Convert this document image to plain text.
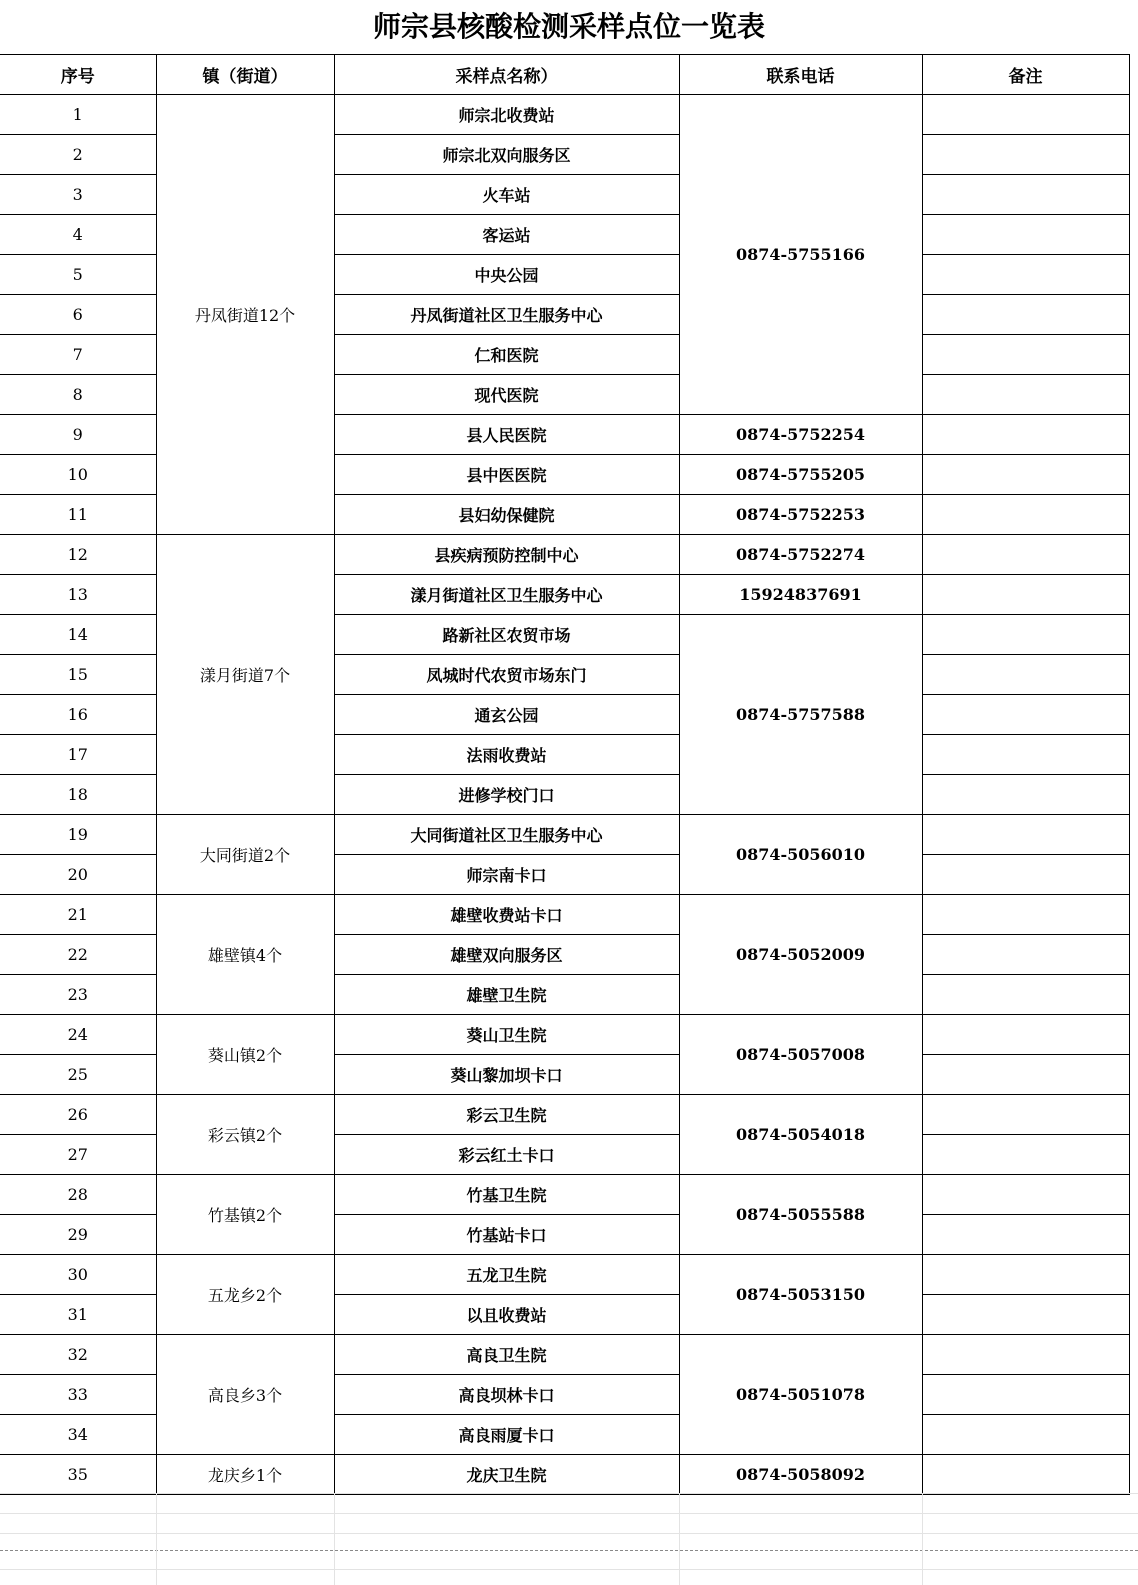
师宗县核酸检测采样点位一览表
序号	镇（街道）	采样点名称）	联系电话	备注
1	丹凤街道12个	师宗北收费站	0874-5755166	
2		师宗北双向服务区		
3		火车站		
4		客运站		
5		中央公园		
6		丹凤街道社区卫生服务中心		
7		仁和医院		
8		现代医院		
9		县人民医院	0874-5752254	
10		县中医医院	0874-5755205	
11		县妇幼保健院	0874-5752253	
12	漾月街道7个	县疾病预防控制中心	0874-5752274	
13		漾月街道社区卫生服务中心	15924837691	
14		路新社区农贸市场	0874-5757588	
15		凤城时代农贸市场东门		
16		通玄公园		
17		法雨收费站		
18		进修学校门口		
19	大同街道2个	大同街道社区卫生服务中心	0874-5056010	
20		师宗南卡口		
21	雄壁镇4个	雄壁收费站卡口	0874-5052009	
22		雄壁双向服务区		
23		雄壁卫生院		
24	葵山镇2个	葵山卫生院	0874-5057008	
25		葵山黎加坝卡口		
26	彩云镇2个	彩云卫生院	0874-5054018	
27		彩云红土卡口		
28	竹基镇2个	竹基卫生院	0874-5055588	
29		竹基站卡口		
30	五龙乡2个	五龙卫生院	0874-5053150	
31		以且收费站		
32	高良乡3个	高良卫生院	0874-5051078	
33		高良坝林卡口		
34		高良雨厦卡口		
35	龙庆乡1个	龙庆卫生院	0874-5058092	
